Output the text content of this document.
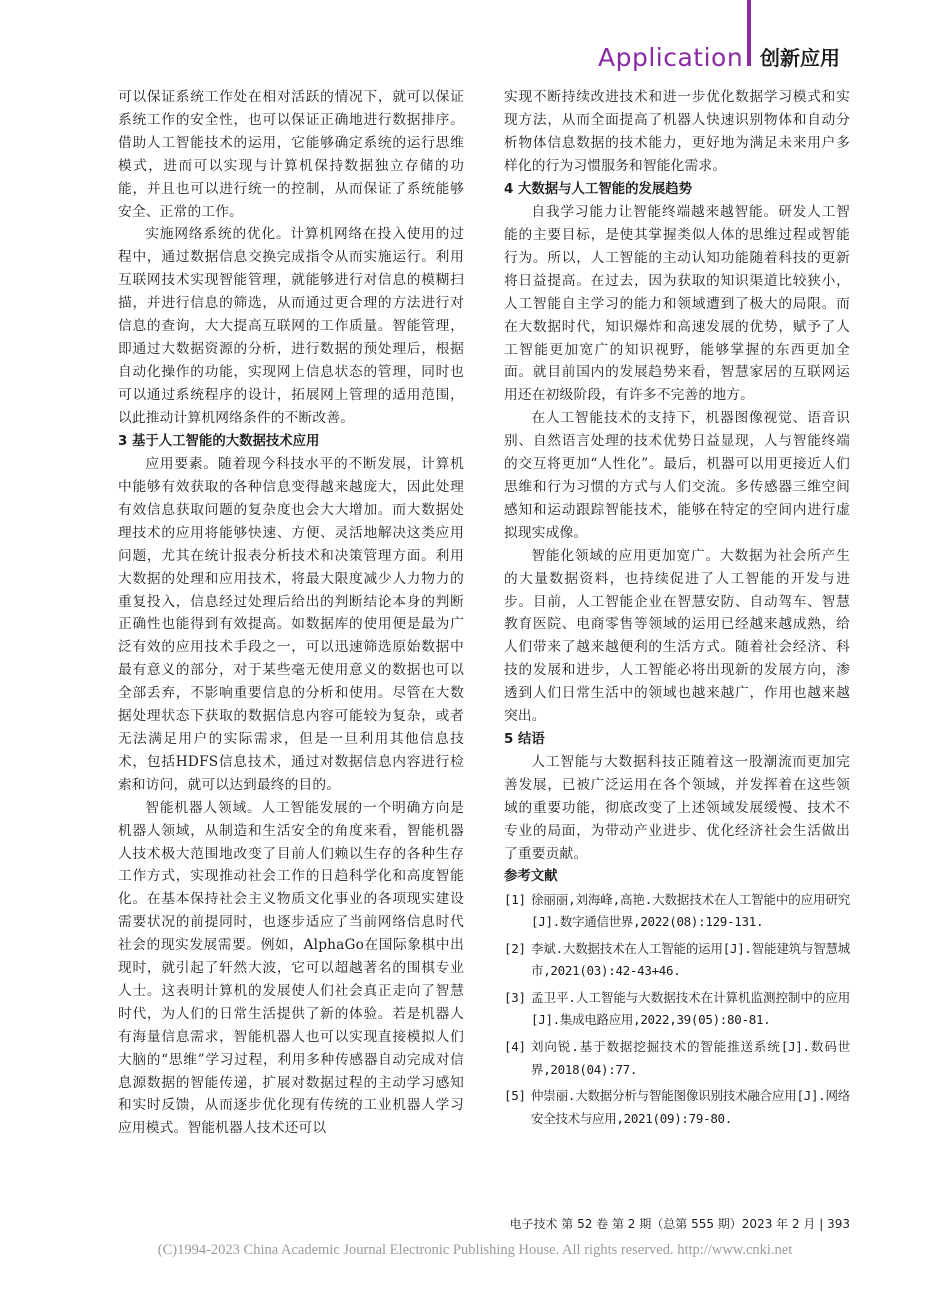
Application 创新应用

可以保证系统工作处在相对活跃的情况下，就可以保证系统工作的安全性，也可以保证正确地进行数据排序。借助人工智能技术的运用，它能够确定系统的运行思维模式，进而可以实现与计算机保持数据独立存储的功能，并且也可以进行统一的控制，从而保证了系统能够安全、正常的工作。

实施网络系统的优化。计算机网络在投入使用的过程中，通过数据信息交换完成指令从而实施运行。利用互联网技术实现智能管理，就能够进行对信息的模糊扫描，并进行信息的筛选，从而通过更合理的方法进行对信息的查询，大大提高互联网的工作质量。智能管理，即通过大数据资源的分析，进行数据的预处理后，根据自动化操作的功能，实现网上信息状态的管理，同时也可以通过系统程序的设计，拓展网上管理的适用范围，以此推动计算机网络条件的不断改善。

3 基于人工智能的大数据技术应用

应用要素。随着现今科技水平的不断发展，计算机中能够有效获取的各种信息变得越来越庞大，因此处理有效信息获取问题的复杂度也会大大增加。而大数据处理技术的应用将能够快速、方便、灵活地解决这类应用问题，尤其在统计报表分析技术和决策管理方面。利用大数据的处理和应用技术，将最大限度减少人力物力的重复投入，信息经过处理后给出的判断结论本身的判断正确性也能得到有效提高。如数据库的使用便是最为广泛有效的应用技术手段之一，可以迅速筛选原始数据中最有意义的部分，对于某些毫无使用意义的数据也可以全部丢弃，不影响重要信息的分析和使用。尽管在大数据处理状态下获取的数据信息内容可能较为复杂，或者无法满足用户的实际需求，但是一旦利用其他信息技术，包括HDFS信息技术，通过对数据信息内容进行检索和访问，就可以达到最终的目的。

智能机器人领域。人工智能发展的一个明确方向是机器人领域，从制造和生活安全的角度来看，智能机器人技术极大范围地改变了目前人们赖以生存的各种生存工作方式，实现推动社会工作的日趋科学化和高度智能化。在基本保持社会主义物质文化事业的各项现实建设需要状况的前提同时，也逐步适应了当前网络信息时代社会的现实发展需要。例如，AlphaGo在国际象棋中出现时，就引起了轩然大波，它可以超越著名的围棋专业人士。这表明计算机的发展使人们社会真正走向了智慧时代，为人们的日常生活提供了新的体验。若是机器人有海量信息需求，智能机器人也可以实现直接模拟人们大脑的“思维”学习过程，利用多种传感器自动完成对信息源数据的智能传递，扩展对数据过程的主动学习感知和实时反馈，从而逐步优化现有传统的工业机器人学习应用模式。智能机器人技术还可以

实现不断持续改进技术和进一步优化数据学习模式和实现方法，从而全面提高了机器人快速识别物体和自动分析物体信息数据的技术能力，更好地为满足未来用户多样化的行为习惯服务和智能化需求。

4 大数据与人工智能的发展趋势

自我学习能力让智能终端越来越智能。研发人工智能的主要目标，是使其掌握类似人体的思维过程或智能行为。所以，人工智能的主动认知功能随着科技的更新将日益提高。在过去，因为获取的知识渠道比较狭小，人工智能自主学习的能力和领域遭到了极大的局限。而在大数据时代，知识爆炸和高速发展的优势，赋予了人工智能更加宽广的知识视野，能够掌握的东西更加全面。就目前国内的发展趋势来看，智慧家居的互联网运用还在初级阶段，有许多不完善的地方。

在人工智能技术的支持下，机器图像视觉、语音识别、自然语言处理的技术优势日益显现，人与智能终端的交互将更加“人性化”。最后，机器可以用更接近人们思维和行为习惯的方式与人们交流。多传感器三维空间感知和运动跟踪智能技术，能够在特定的空间内进行虚拟现实成像。

智能化领域的应用更加宽广。大数据为社会所产生的大量数据资料，也持续促进了人工智能的开发与进步。目前，人工智能企业在智慧安防、自动驾车、智慧教育医院、电商零售等领域的运用已经越来越成熟，给人们带来了越来越便利的生活方式。随着社会经济、科技的发展和进步，人工智能必将出现新的发展方向，渗透到人们日常生活中的领域也越来越广，作用也越来越突出。

5 结语

人工智能与大数据科技正随着这一股潮流而更加完善发展，已被广泛运用在各个领域，并发挥着在这些领域的重要功能，彻底改变了上述领域发展缓慢、技术不专业的局面，为带动产业进步、优化经济社会生活做出了重要贡献。

参考文献
[1] 徐丽丽,刘海峰,高艳.大数据技术在人工智能中的应用研究[J].数字通信世界,2022(08):129-131.
[2] 李斌.大数据技术在人工智能的运用[J].智能建筑与智慧城市,2021(03):42-43+46.
[3] 孟卫平.人工智能与大数据技术在计算机监测控制中的应用[J].集成电路应用,2022,39(05):80-81.
[4] 刘向锐.基于数据挖掘技术的智能推送系统[J].数码世界,2018(04):77.
[5] 仲崇丽.大数据分析与智能图像识别技术融合应用[J].网络安全技术与应用,2021(09):79-80.
电子技术 第 52 卷 第 2 期（总第 555 期）2023 年 2 月 | 393
(C)1994-2023 China Academic Journal Electronic Publishing House. All rights reserved. http://www.cnki.net
